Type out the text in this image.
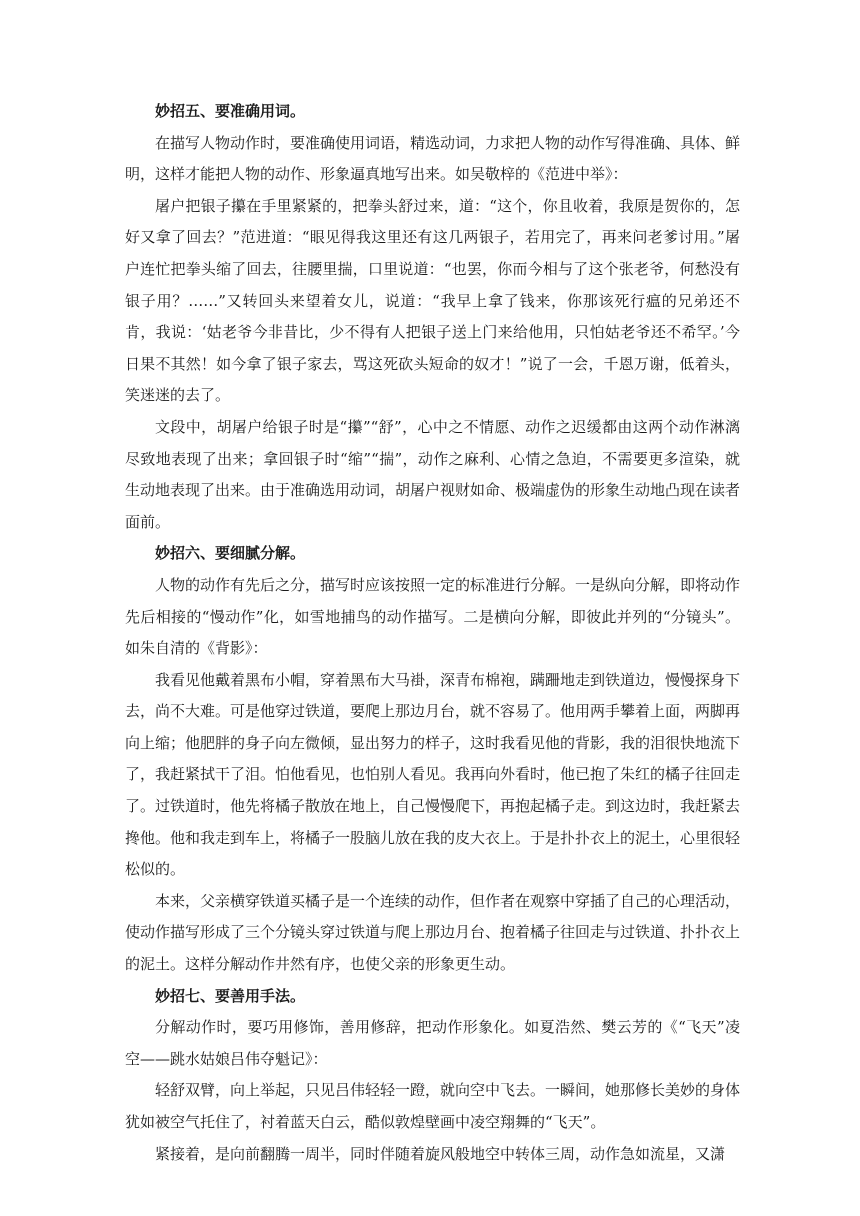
妙招五、要准确用词。

在描写人物动作时，要准确使用词语，精选动词，力求把人物的动作写得准确、具体、鲜明，这样才能把人物的动作、形象逼真地写出来。如吴敬梓的《范进中举》：

屠户把银子攥在手里紧紧的，把拳头舒过来，道：“这个，你且收着，我原是贺你的，怎好又拿了回去？”范进道：“眼见得我这里还有这几两银子，若用完了，再来问老爹讨用。”屠户连忙把拳头缩了回去，往腰里揣，口里说道：“也罢，你而今相与了这个张老爷，何愁没有银子用？……”又转回头来望着女儿，说道：“我早上拿了钱来，你那该死行瘟的兄弟还不肯，我说：‘姑老爷今非昔比，少不得有人把银子送上门来给他用，只怕姑老爷还不希罕。’今日果不其然！如今拿了银子家去，骂这死砍头短命的奴才！”说了一会，千恩万谢，低着头，笑迷迷的去了。

文段中，胡屠户给银子时是“攥”“舒”，心中之不情愿、动作之迟缓都由这两个动作淋漓尽致地表现了出来；拿回银子时“缩”“揣”，动作之麻利、心情之急迫，不需要更多渲染，就生动地表现了出来。由于准确选用动词，胡屠户视财如命、极端虚伪的形象生动地凸现在读者面前。

妙招六、要细腻分解。

人物的动作有先后之分，描写时应该按照一定的标准进行分解。一是纵向分解，即将动作先后相接的“慢动作”化，如雪地捕鸟的动作描写。二是横向分解，即彼此并列的“分镜头”。如朱自清的《背影》：

我看见他戴着黑布小帽，穿着黑布大马褂，深青布棉袍，蹒跚地走到铁道边，慢慢探身下去，尚不大难。可是他穿过铁道，要爬上那边月台，就不容易了。他用两手攀着上面，两脚再向上缩；他肥胖的身子向左微倾，显出努力的样子，这时我看见他的背影，我的泪很快地流下了，我赶紧拭干了泪。怕他看见，也怕别人看见。我再向外看时，他已抱了朱红的橘子往回走了。过铁道时，他先将橘子散放在地上，自己慢慢爬下，再抱起橘子走。到这边时，我赶紧去搀他。他和我走到车上，将橘子一股脑儿放在我的皮大衣上。于是扑扑衣上的泥土，心里很轻松似的。

本来，父亲横穿铁道买橘子是一个连续的动作，但作者在观察中穿插了自己的心理活动，使动作描写形成了三个分镜头穿过铁道与爬上那边月台、抱着橘子往回走与过铁道、扑扑衣上的泥土。这样分解动作井然有序，也使父亲的形象更生动。

妙招七、要善用手法。

分解动作时，要巧用修饰，善用修辞，把动作形象化。如夏浩然、樊云芳的《“飞天”凌空——跳水姑娘吕伟夺魁记》：

轻舒双臂，向上举起，只见吕伟轻轻一蹬，就向空中飞去。一瞬间，她那修长美妙的身体犹如被空气托住了，衬着蓝天白云，酷似敦煌壁画中凌空翔舞的“飞天”。

紧接着，是向前翻腾一周半，同时伴随着旋风般地空中转体三周，动作急如流星，又潇
